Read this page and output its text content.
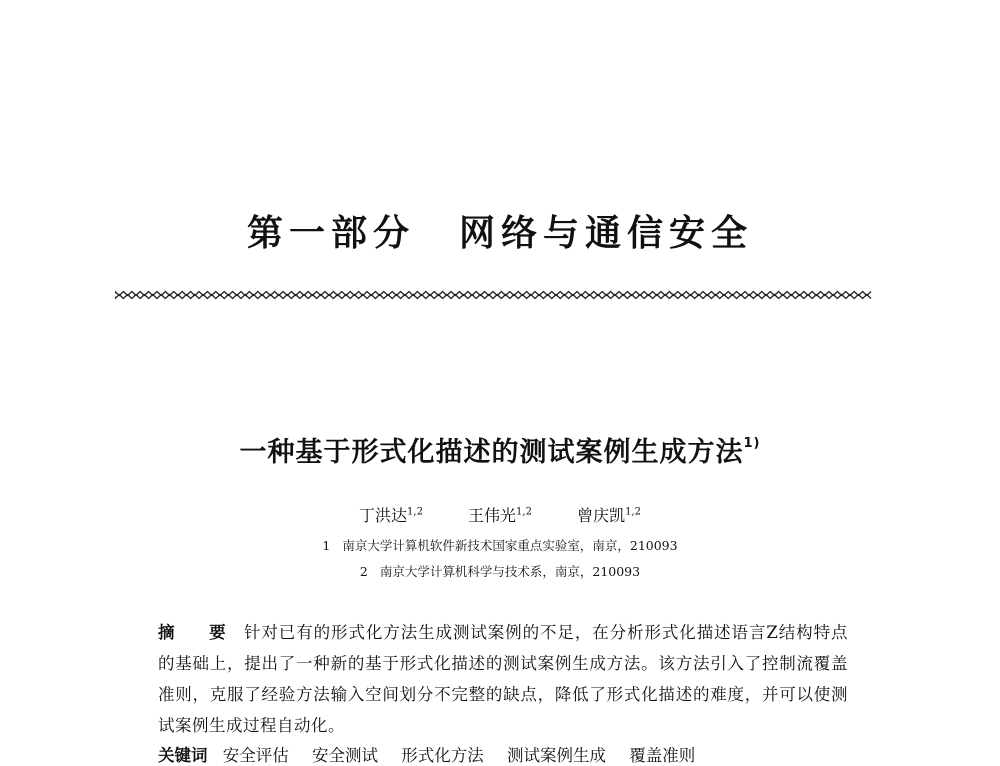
第一部分 网络与通信安全
一种基于形式化描述的测试案例生成方法$^{1)}$
丁洪达$^{1,2}$	王伟光$^{1,2}$	曾庆凯$^{1,2}$
1 南京大学计算机软件新技术国家重点实验室，南京，210093
2 南京大学计算机科学与技术系，南京，210093
摘 要 针对已有的形式化方法生成测试案例的不足，在分析形式化描述语言Z结构特点的基础上，提出了一种新的基于形式化描述的测试案例生成方法。该方法引入了控制流覆盖准则，克服了经验方法输入空间划分不完整的缺点，降低了形式化描述的难度，并可以使测试案例生成过程自动化。
关键词 安全评估 安全测试 形式化方法 测试案例生成 覆盖准则
